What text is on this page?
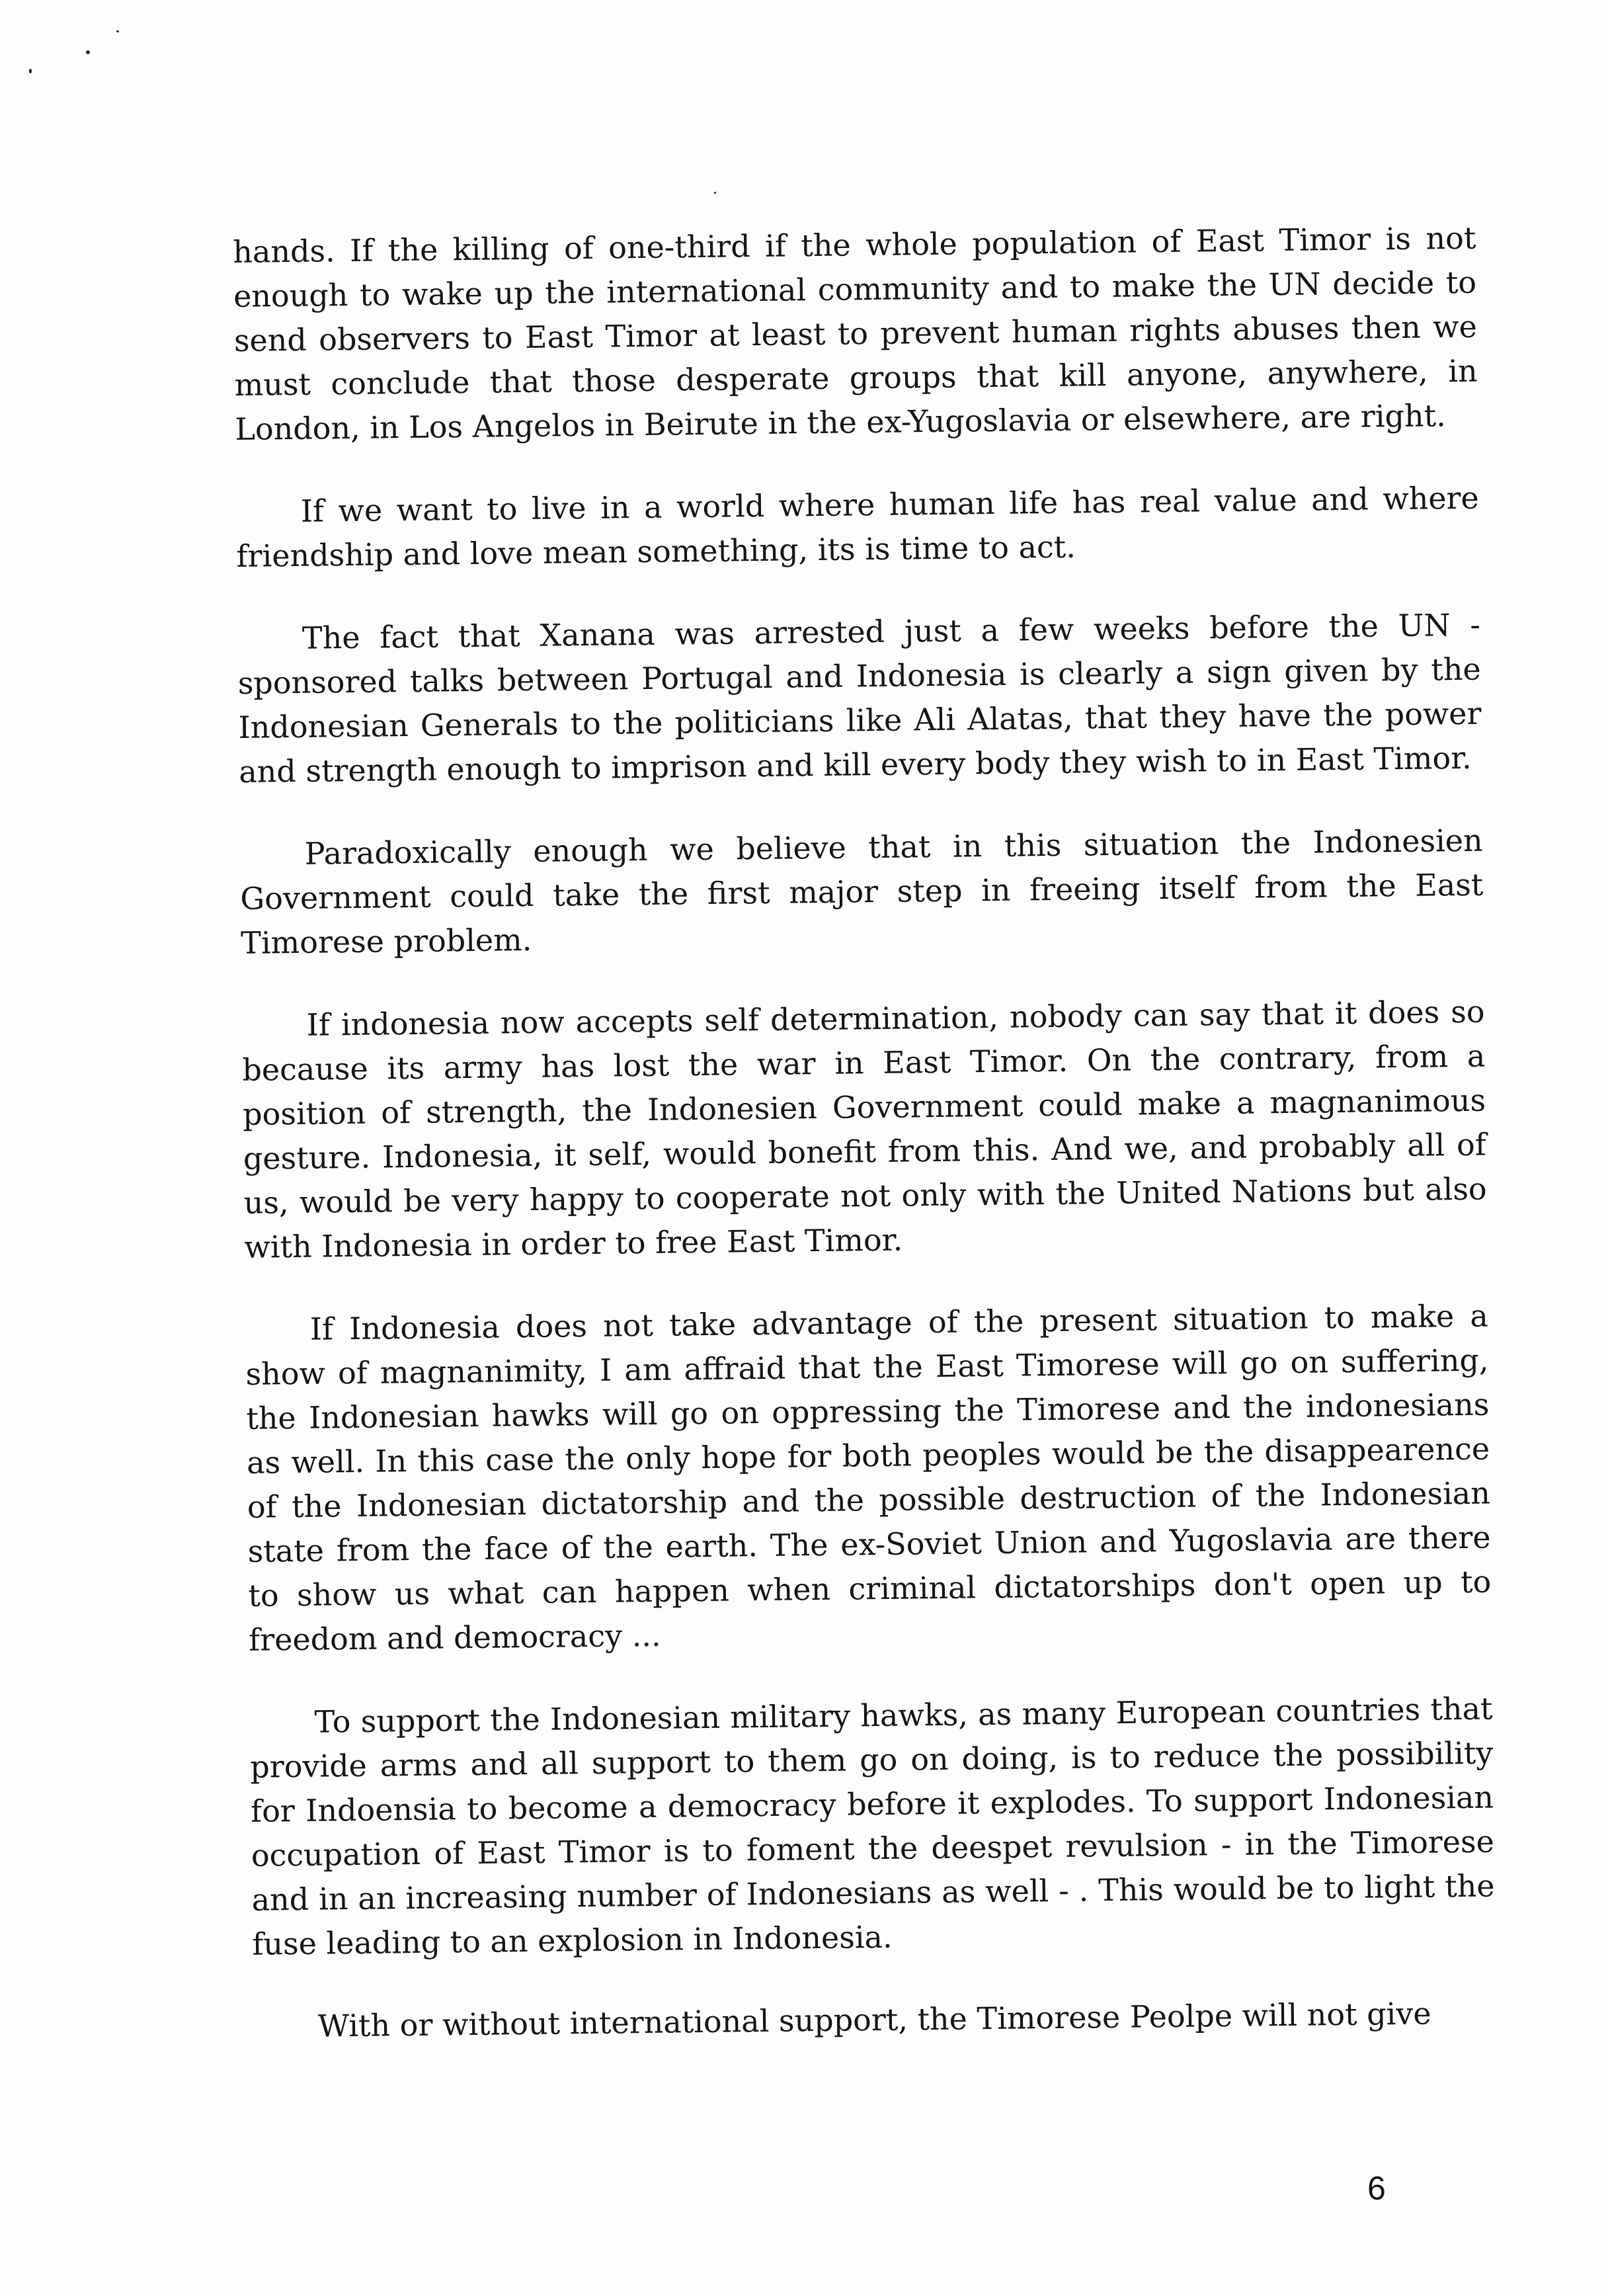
hands. If the killing of one-third if the whole population of East Timor is not enough to wake up the international community and to make the UN decide to send observers to East Timor at least to prevent human rights abuses then we must conclude that those desperate groups that kill anyone, anywhere, in London, in Los Angelos in Beirute in the ex-Yugoslavia or elsewhere, are right.

If we want to live in a world where human life has real value and where friendship and love mean something, its is time to act.

The fact that Xanana was arrested just a few weeks before the UN - sponsored talks between Portugal and Indonesia is clearly a sign given by the Indonesian Generals to the politicians like Ali Alatas, that they have the power and strength enough to imprison and kill every body they wish to in East Timor.

Paradoxically enough we believe that in this situation the Indonesien Government could take the first major step in freeing itself from the East Timorese problem.

If indonesia now accepts self determination, nobody can say that it does so because its army has lost the war in East Timor. On the contrary, from a position of strength, the Indonesien Government could make a magnanimous gesture. Indonesia, it self, would bonefit from this. And we, and probably all of us, would be very happy to cooperate not only with the United Nations but also with Indonesia in order to free East Timor.

If Indonesia does not take advantage of the present situation to make a show of magnanimity, I am affraid that the East Timorese will go on suffering, the Indonesian hawks will go on oppressing the Timorese and the indonesians as well. In this case the only hope for both peoples would be the disappearence of the Indonesian dictatorship and the possible destruction of the Indonesian state from the face of the earth. The ex-Soviet Union and Yugoslavia are there to show us what can happen when criminal dictatorships don't open up to freedom and democracy ...

To support the Indonesian military hawks, as many European countries that provide arms and all support to them go on doing, is to reduce the possibility for Indoensia to become a democracy before it explodes. To support Indonesian occupation of East Timor is to foment the deespet revulsion - in the Timorese and in an increasing number of Indonesians as well - . This would be to light the fuse leading to an explosion in Indonesia.

With or without international support, the Timorese Peolpe will not give

6
